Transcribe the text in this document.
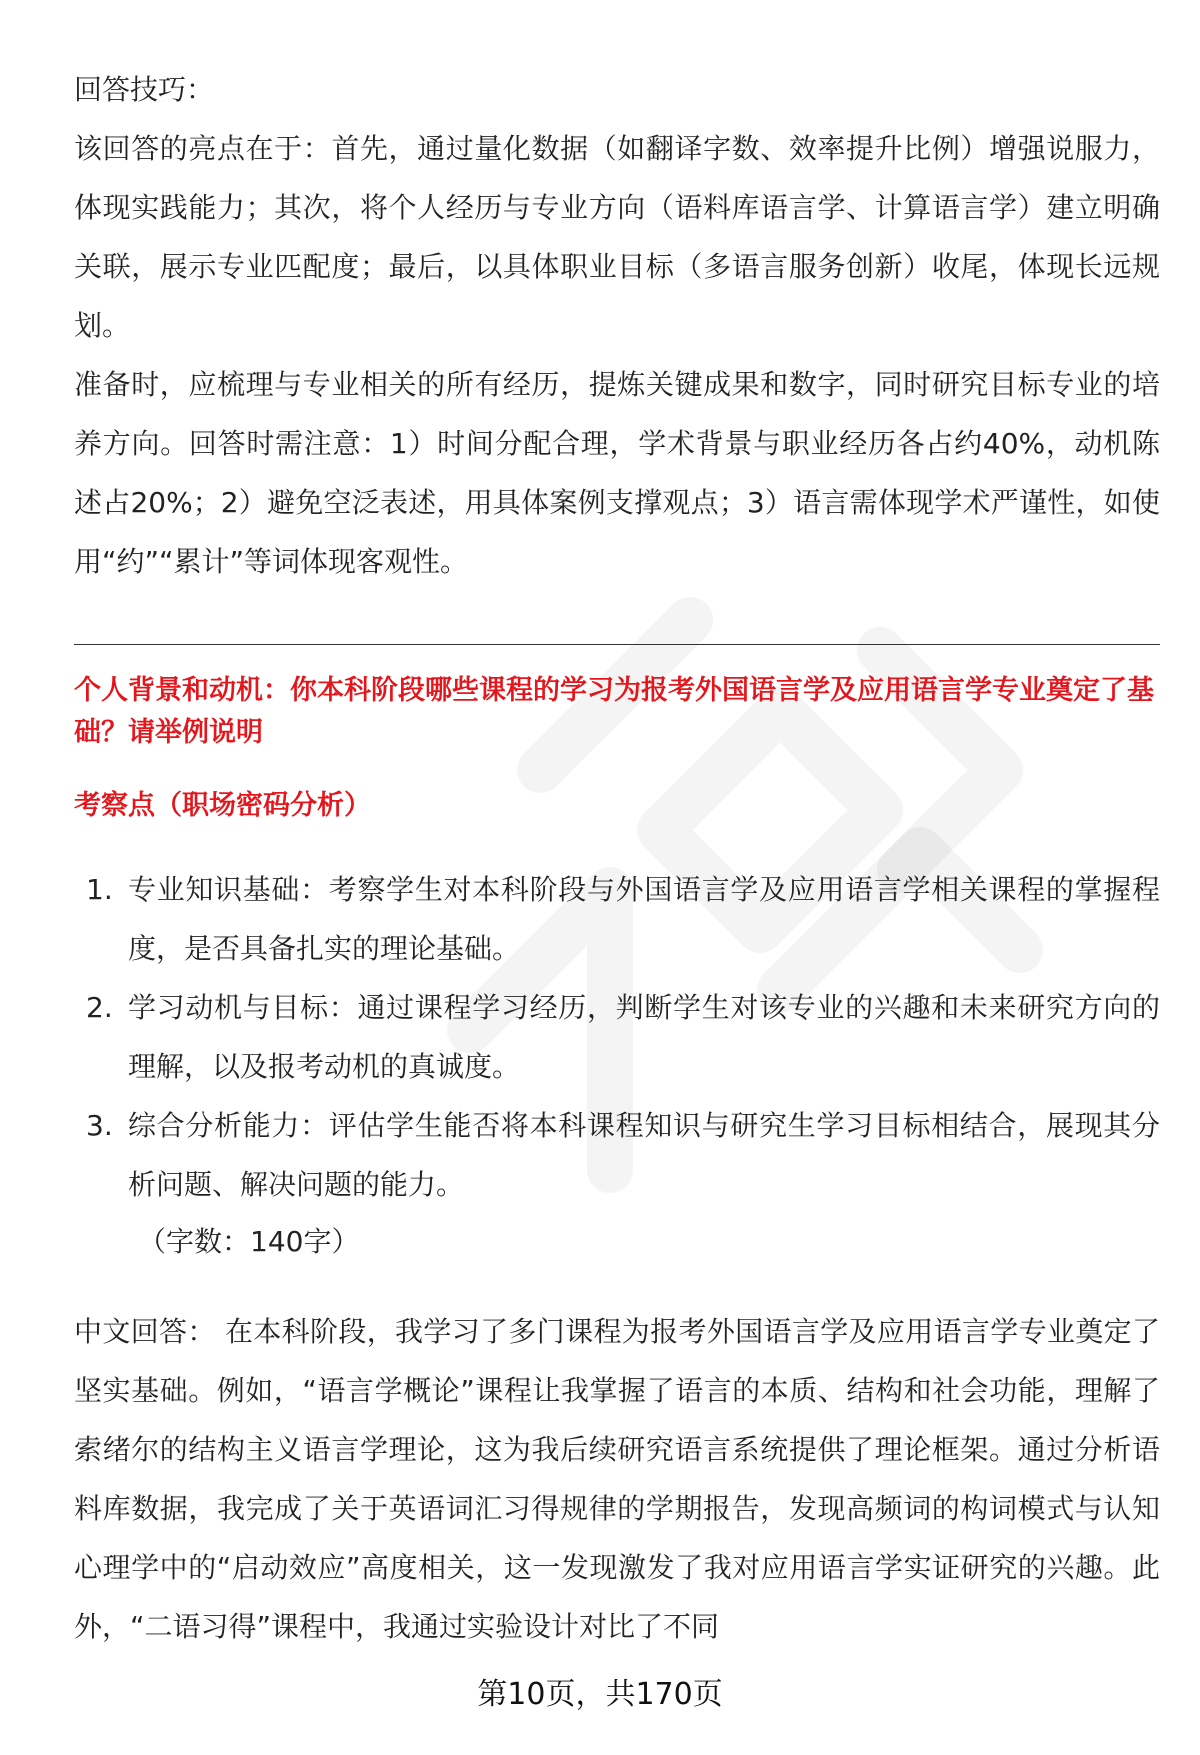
回答技巧：

该回答的亮点在于：首先，通过量化数据（如翻译字数、效率提升比例）增强说服力，体现实践能力；其次，将个人经历与专业方向（语料库语言学、计算语言学）建立明确关联，展示专业匹配度；最后，以具体职业目标（多语言服务创新）收尾，体现长远规划。

准备时，应梳理与专业相关的所有经历，提炼关键成果和数字，同时研究目标专业的培养方向。回答时需注意：1）时间分配合理，学术背景与职业经历各占约40%，动机陈述占20%；2）避免空泛表述，用具体案例支撑观点；3）语言需体现学术严谨性，如使用“约”“累计”等词体现客观性。

个人背景和动机：你本科阶段哪些课程的学习为报考外国语言学及应用语言学专业奠定了基础？请举例说明

考察点（职场密码分析）

1. 专业知识基础：考察学生对本科阶段与外国语言学及应用语言学相关课程的掌握程度，是否具备扎实的理论基础。
2. 学习动机与目标：通过课程学习经历，判断学生对该专业的兴趣和未来研究方向的理解，以及报考动机的真诚度。
3. 综合分析能力：评估学生能否将本科课程知识与研究生学习目标相结合，展现其分析问题、解决问题的能力。

（字数：140字）

中文回答： 在本科阶段，我学习了多门课程为报考外国语言学及应用语言学专业奠定了坚实基础。例如，“语言学概论”课程让我掌握了语言的本质、结构和社会功能，理解了索绪尔的结构主义语言学理论，这为我后续研究语言系统提供了理论框架。通过分析语料库数据，我完成了关于英语词汇习得规律的学期报告，发现高频词的构词模式与认知心理学中的“启动效应”高度相关，这一发现激发了我对应用语言学实证研究的兴趣。此外，“二语习得”课程中，我通过实验设计对比了不同

第10页，共170页
